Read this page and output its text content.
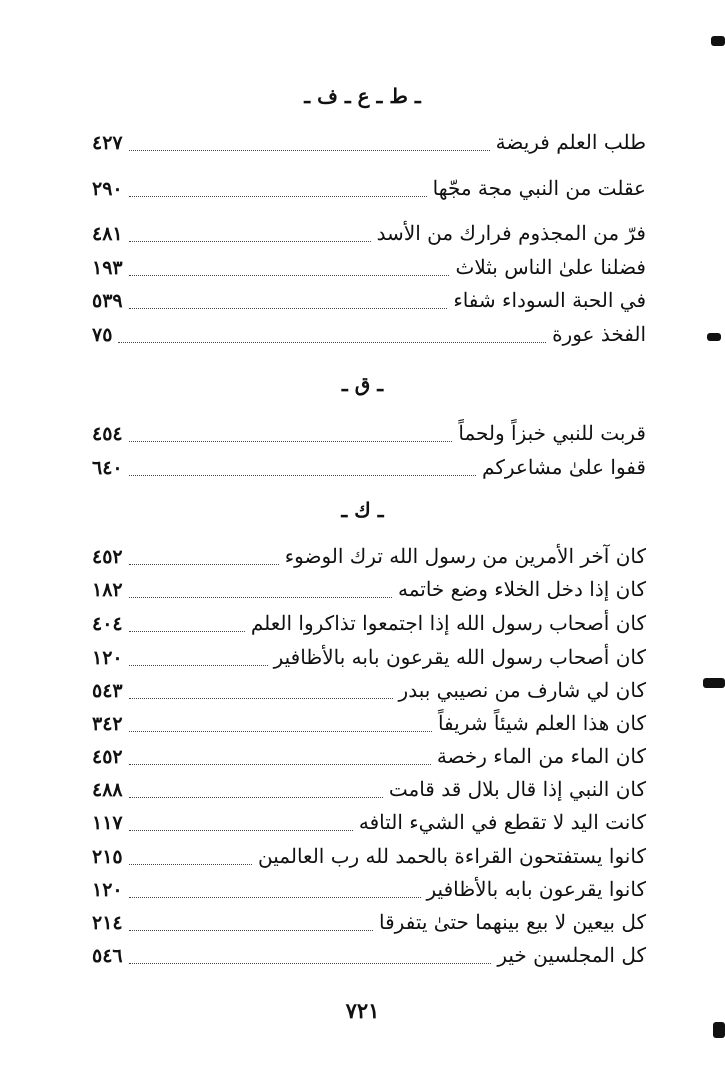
ـ ط ـ ع ـ ف ـ
طلب العلم فريضة
٤٢٧
عقلت من النبي مجة مجّها
٢٩٠
فرّ من المجذوم فرارك من الأسد
٤٨١
فضلنا علىٰ الناس بثلاث
١٩٣
في الحبة السوداء شفاء
٥٣٩
الفخذ عورة
٧٥
ـ ق ـ
قربت للنبي خبزاً ولحماً
٤٥٤
قفوا علىٰ مشاعركم
٦٤٠
ـ ك ـ
كان آخر الأمرين من رسول الله ترك الوضوء
٤٥٢
كان إذا دخل الخلاء وضع خاتمه
١٨٢
كان أصحاب رسول الله إذا اجتمعوا تذاكروا العلم
٤٠٤
كان أصحاب رسول الله يقرعون بابه بالأظافير
١٢٠
كان لي شارف من نصيبي ببدر
٥٤٣
كان هذا العلم شيئاً شريفاً
٣٤٢
كان الماء من الماء رخصة
٤٥٢
كان النبي إذا قال بلال قد قامت
٤٨٨
كانت اليد لا تقطع في الشيء التافه
١١٧
كانوا يستفتحون القراءة بالحمد لله رب العالمين
٢١٥
كانوا يقرعون بابه بالأظافير
١٢٠
كل بيعين لا بيع بينهما حتىٰ يتفرقا
٢١٤
كل المجلسين خير
٥٤٦
٧٢١
